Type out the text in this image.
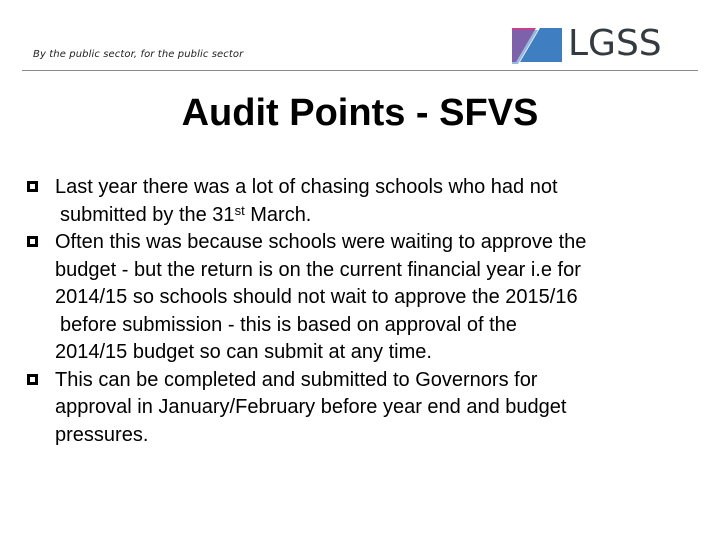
By the public sector, for the public sector	LGSS
Audit Points - SFVS
Last year there was a lot of chasing schools who had not
submitted by the 31st March.
Often this was because schools were waiting to approve the
budget - but the return is on the current financial year i.e for
2014/15 so schools should not wait to approve the 2015/16
before submission - this is based on approval of the
2014/15 budget so can submit at any time.
This can be completed and submitted to Governors for
approval in January/February before year end and budget
pressures.
